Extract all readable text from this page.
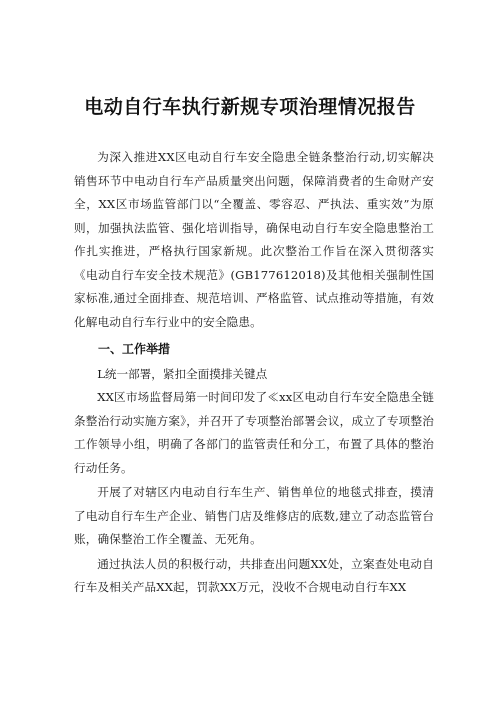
电动自行车执行新规专项治理情况报告

为深入推进XX区电动自行车安全隐患全链条整治行动,切实解决销售环节中电动自行车产品质量突出问题，保障消费者的生命财产安全，XX区市场监管部门以“全覆盖、零容忍、严执法、重实效”为原则，加强执法监管、强化培训指导，确保电动自行车安全隐患整治工作扎实推进，严格执行国家新规。此次整治工作旨在深入贯彻落实《电动自行车安全技术规范》(GB177612018)及其他相关强制性国家标准,通过全面排查、规范培训、严格监管、试点推动等措施，有效化解电动自行车行业中的安全隐患。

一、工作举措
L统一部署，紧扣全面摸排关键点

XX区市场监督局第一时间印发了≪xx区电动自行车安全隐患全链条整治行动实施方案》，并召开了专项整治部署会议，成立了专项整治工作领导小组，明确了各部门的监管责任和分工，布置了具体的整治行动任务。

开展了对辖区内电动自行车生产、销售单位的地毯式排查，摸清了电动自行车生产企业、销售门店及维修店的底数,建立了动态监管台账，确保整治工作全覆盖、无死角。

通过执法人员的积极行动，共排查出问题XX处，立案查处电动自行车及相关产品XX起，罚款XX万元，没收不合规电动自行车XX
